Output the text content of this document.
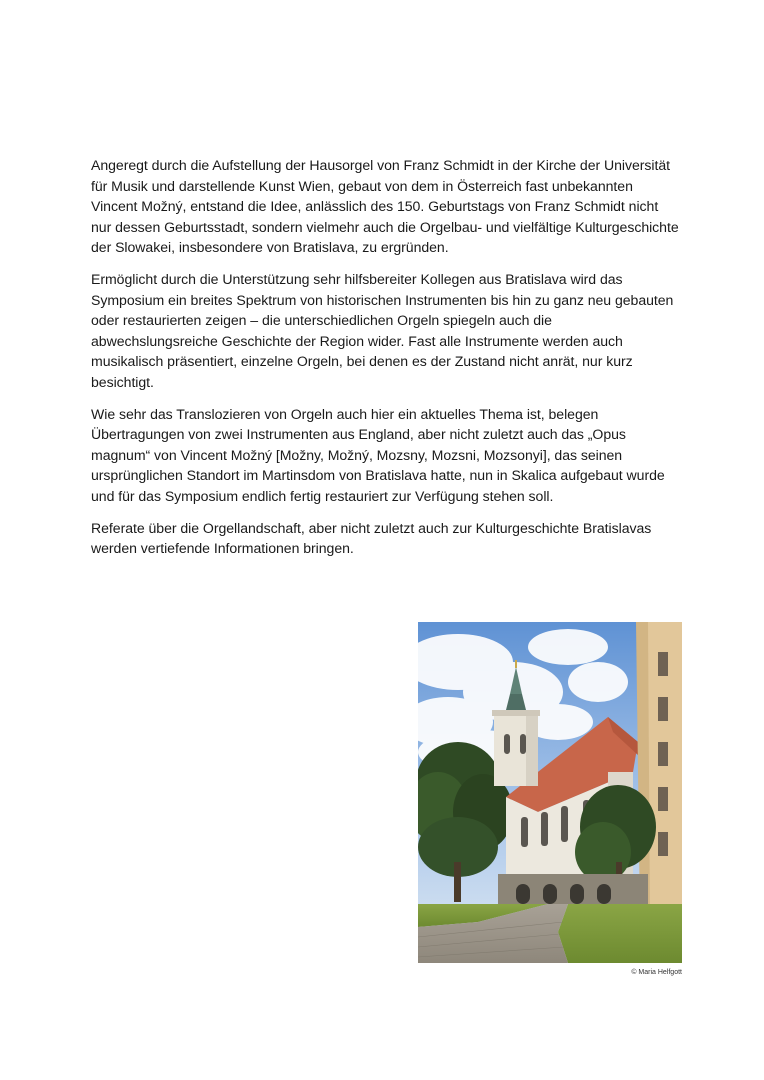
Angeregt durch die Aufstellung der Hausorgel von Franz Schmidt in der Kirche der Universität für Musik und darstellende Kunst Wien, gebaut von dem in Österreich fast unbekannten Vincent Možný, entstand die Idee, anlässlich des 150. Geburtstags von Franz Schmidt nicht nur dessen Geburtsstadt, sondern vielmehr auch die Orgelbau- und vielfältige Kulturgeschichte der Slowakei, insbesondere von Bratislava, zu ergründen.

Ermöglicht durch die Unterstützung sehr hilfsbereiter Kollegen aus Bratislava wird das Symposium ein breites Spektrum von historischen Instrumenten bis hin zu ganz neu gebauten oder restaurierten zeigen – die unterschiedlichen Orgeln spiegeln auch die abwechslungsreiche Geschichte der Region wider. Fast alle Instrumente werden auch musikalisch präsentiert, einzelne Orgeln, bei denen es der Zustand nicht anrät, nur kurz besichtigt.

Wie sehr das Translozieren von Orgeln auch hier ein aktuelles Thema ist, belegen Übertragungen von zwei Instrumenten aus England, aber nicht zuletzt auch das „Opus magnum“ von Vincent Možný [Možny, Možný, Mozsny, Mozsni, Mozsonyi], das seinen ursprünglichen Standort im Martinsdom von Bratislava hatte, nun in Skalica aufgebaut wurde und für das Symposium endlich fertig restauriert zur Verfügung stehen soll.

Referate über die Orgellandschaft, aber nicht zuletzt auch zur Kulturgeschichte Bratislavas werden vertiefende Informationen bringen.

© Maria Helfgott
